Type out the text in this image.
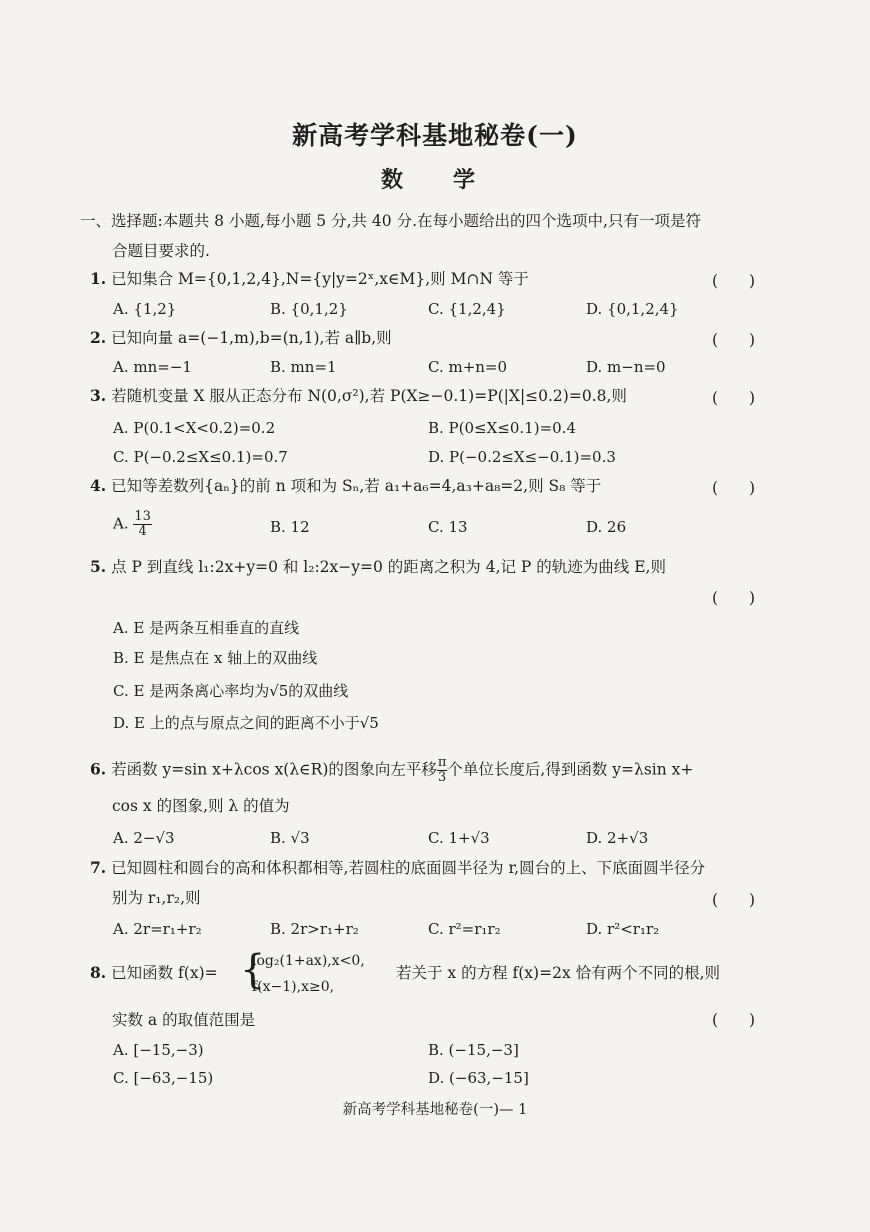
新高考学科基地秘卷(一)
数　学
一、选择题:本题共 8 小题,每小题 5 分,共 40 分.在每小题给出的四个选项中,只有一项是符
合题目要求的.
1. 已知集合 M={0,1,2,4},N={y|y=2ˣ,x∈M},则 M∩N 等于	(　　)
A. {1,2}	B. {0,1,2}	C. {1,2,4}	D. {0,1,2,4}
2. 已知向量 a=(−1,m),b=(n,1),若 a∥b,则	(　　)
A. mn=−1	B. mn=1	C. m+n=0	D. m−n=0
3. 若随机变量 X 服从正态分布 N(0,σ²),若 P(X≥−0.1)=P(|X|≤0.2)=0.8,则	(　　)
A. P(0.1<X<0.2)=0.2	B. P(0≤X≤0.1)=0.4
C. P(−0.2≤X≤0.1)=0.7	D. P(−0.2≤X≤−0.1)=0.3
4. 已知等差数列{aₙ}的前 n 项和为 Sₙ,若 a₁+a₆=4,a₃+a₈=2,则 S₈ 等于	(　　)
A. $\frac{13}{4}$	B. 12	C. 13	D. 26
5. 点 P 到直线 l₁:2x+y=0 和 l₂:2x−y=0 的距离之积为 4,记 P 的轨迹为曲线 E,则
(　　)
A. E 是两条互相垂直的直线
B. E 是焦点在 x 轴上的双曲线
C. E 是两条离心率均为√5的双曲线
D. E 上的点与原点之间的距离不小于√5
6. 若函数 y=sin x+λcos x(λ∈R)的图象向左平移 $\frac{\pi}{3}$ 个单位长度后,得到函数 y=λsin x+
cos x 的图象,则 λ 的值为
A. 2−√3	B. √3	C. 1+√3	D. 2+√3
7. 已知圆柱和圆台的高和体积都相等,若圆柱的底面圆半径为 r,圆台的上、下底面圆半径分
别为 r₁,r₂,则	(　　)
A. 2r=r₁+r₂	B. 2r>r₁+r₂	C. r²=r₁r₂	D. r²<r₁r₂
8. 已知函数 f(x)= {
log₂(1+ax),x<0,
f(x−1),x≥0,
若关于 x 的方程 f(x)=2x 恰有两个不同的根,则
实数 a 的取值范围是	(　　)
A. [−15,−3)	B. (−15,−3]
C. [−63,−15)	D. (−63,−15]
新高考学科基地秘卷(一)— 1
